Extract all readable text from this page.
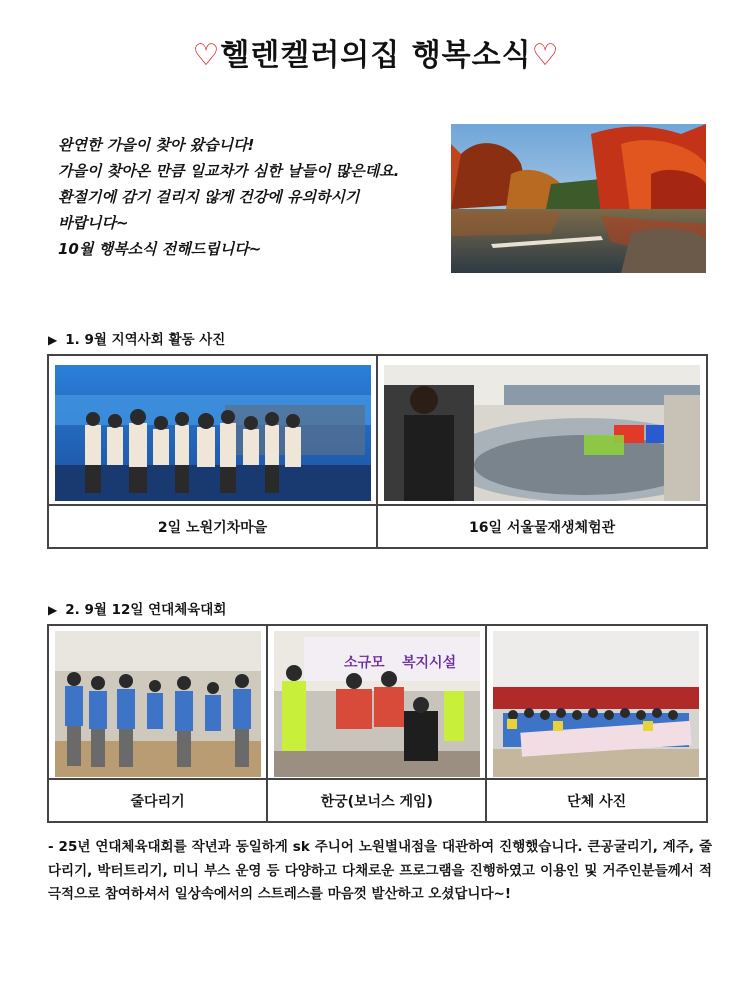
♡헬렌켈러의집 행복소식♡
완연한 가을이 찾아 왔습니다!
가을이 찾아온 만큼 일교차가 심한 날들이 많은데요.
환절기에 감기 걸리지 않게 건강에 유의하시기
바랍니다~
10월 행복소식 전해드립니다~
▶ 1. 9월 지역사회 활동 사진

2일 노원기차마을	16일 서울물재생체험관
▶ 2. 9월 12일 연대체육대회

소규모 복지시설

줄다리기	한궁(보너스 게임)	단체 사진
- 25년 연대체육대회를 작년과 동일하게 sk 주니어 노원별내점을 대관하여 진행했습니다. 큰공굴리기, 계주, 줄다리기, 박터트리기, 미니 부스 운영 등 다양하고 다채로운 프로그램을 진행하였고 이용인 및 거주인분들께서 적극적으로 참여하셔서 일상속에서의 스트레스를 마음껏 발산하고 오셨답니다~!
